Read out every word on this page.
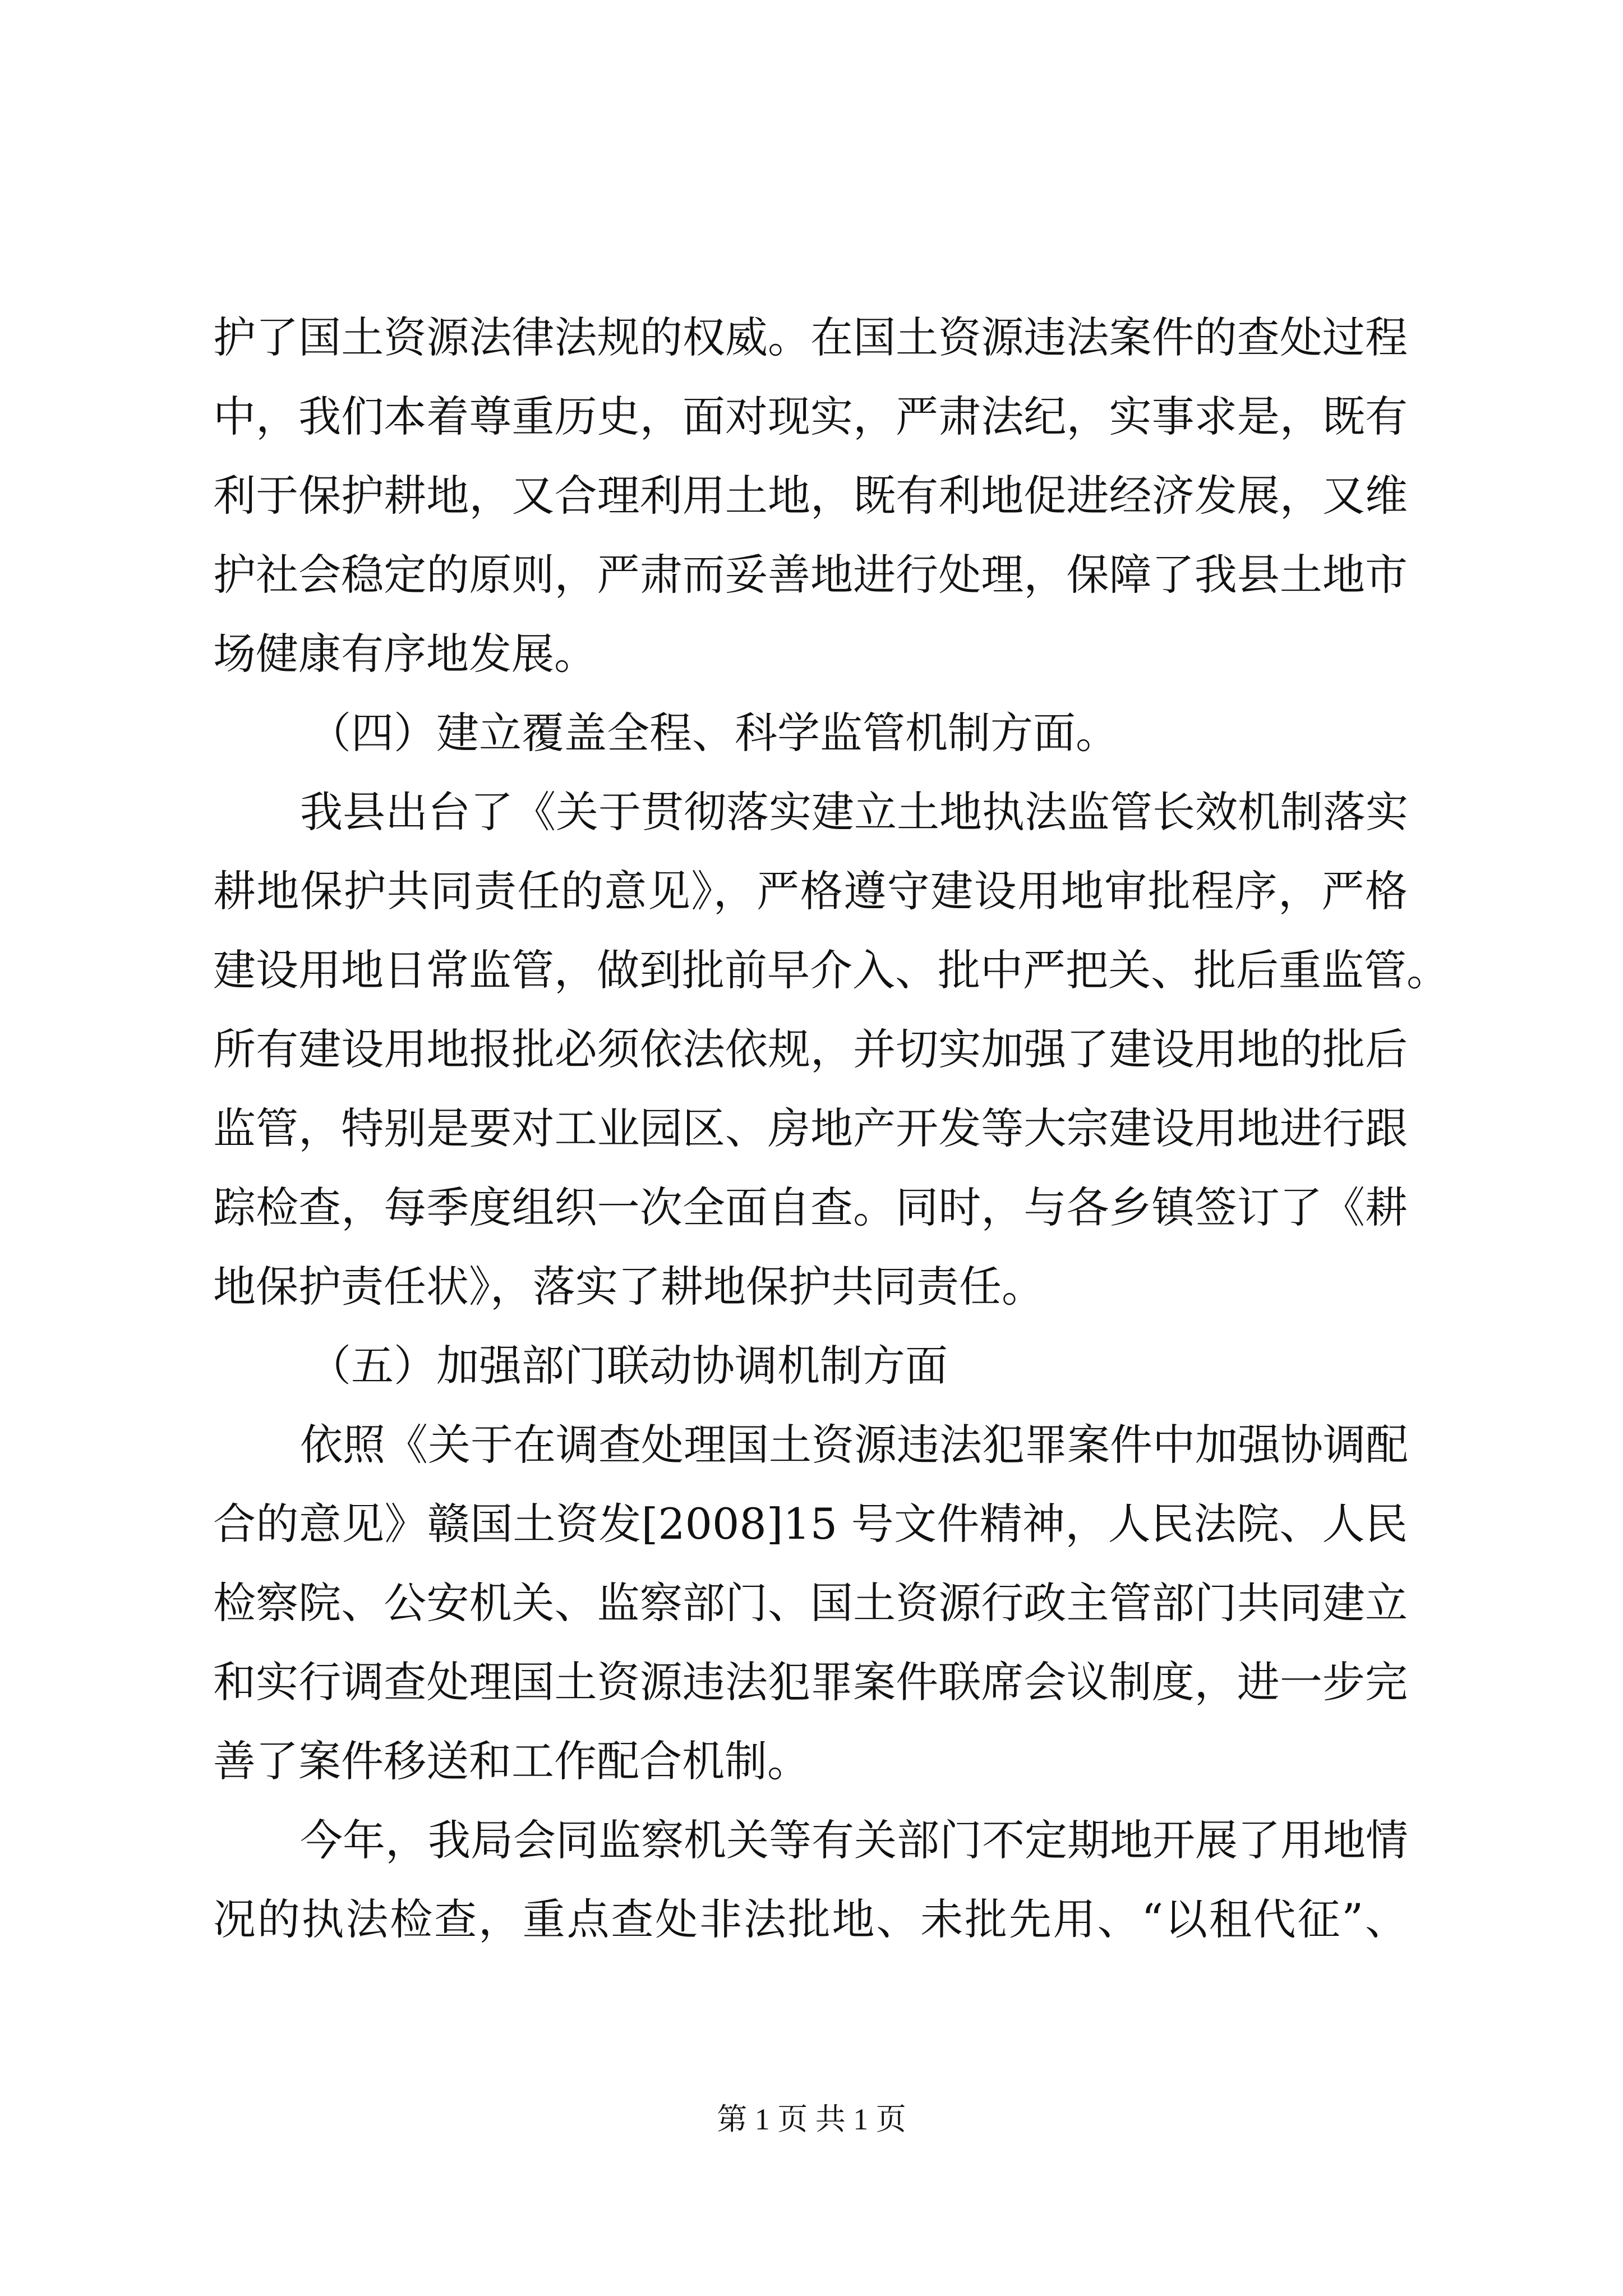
护了国土资源法律法规的权威。在国土资源违法案件的查处过程
中，我们本着尊重历史，面对现实，严肃法纪，实事求是，既有
利于保护耕地，又合理利用土地，既有利地促进经济发展，又维
护社会稳定的原则，严肃而妥善地进行处理，保障了我县土地市
场健康有序地发展。
（四）建立覆盖全程、科学监管机制方面。
我县出台了《关于贯彻落实建立土地执法监管长效机制落实
耕地保护共同责任的意见》，严格遵守建设用地审批程序，严格
建设用地日常监管，做到批前早介入、批中严把关、批后重监管。
所有建设用地报批必须依法依规，并切实加强了建设用地的批后
监管，特别是要对工业园区、房地产开发等大宗建设用地进行跟
踪检查，每季度组织一次全面自查。同时，与各乡镇签订了《耕
地保护责任状》，落实了耕地保护共同责任。
（五）加强部门联动协调机制方面
依照《关于在调查处理国土资源违法犯罪案件中加强协调配
合的意见》赣国土资发[2008]15 号文件精神，人民法院、人民
检察院、公安机关、监察部门、国土资源行政主管部门共同建立
和实行调查处理国土资源违法犯罪案件联席会议制度，进一步完
善了案件移送和工作配合机制。
今年，我局会同监察机关等有关部门不定期地开展了用地情
况的执法检查，重点查处非法批地、未批先用、“以租代征”、
第 1 页 共 1 页
